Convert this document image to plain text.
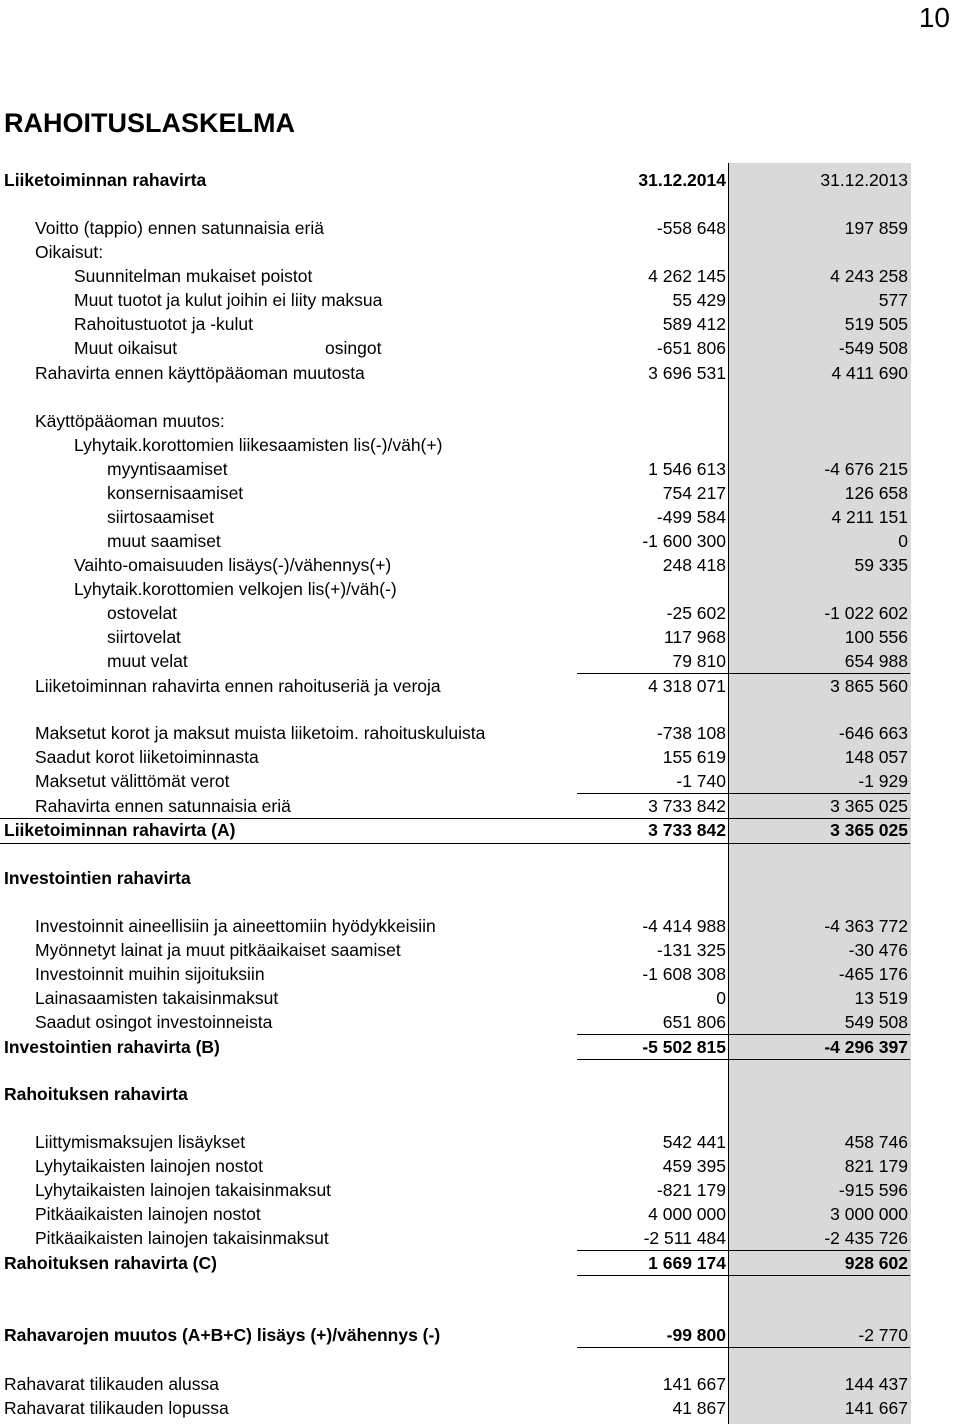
10
RAHOITUSLASKELMA
Liiketoiminnan rahavirta	31.12.2014	31.12.2013
Voitto (tappio) ennen satunnaisia eriä	-558 648	197 859
Oikaisut:
Suunnitelman mukaiset poistot	4 262 145	4 243 258
Muut tuotot ja kulut joihin ei liity maksua	55 429	577
Rahoitustuotot ja -kulut	589 412	519 505
Muut oikaisut	osingot	-651 806	-549 508
Rahavirta ennen käyttöpääoman muutosta	3 696 531	4 411 690
Käyttöpääoman muutos:
Lyhytaik.korottomien liikesaamisten lis(-)/väh(+)
myyntisaamiset	1 546 613	-4 676 215
konsernisaamiset	754 217	126 658
siirtosaamiset	-499 584	4 211 151
muut saamiset	-1 600 300	0
Vaihto-omaisuuden lisäys(-)/vähennys(+)	248 418	59 335
Lyhytaik.korottomien velkojen lis(+)/väh(-)
ostovelat	-25 602	-1 022 602
siirtovelat	117 968	100 556
muut velat	79 810	654 988
Liiketoiminnan rahavirta ennen rahoituseriä ja veroja	4 318 071	3 865 560
Maksetut korot ja maksut muista liiketoim. rahoituskuluista	-738 108	-646 663
Saadut korot liiketoiminnasta	155 619	148 057
Maksetut välittömät verot	-1 740	-1 929
Rahavirta ennen satunnaisia eriä	3 733 842	3 365 025
Liiketoiminnan rahavirta (A)	3 733 842	3 365 025
Investointien rahavirta
Investoinnit aineellisiin ja aineettomiin hyödykkeisiin	-4 414 988	-4 363 772
Myönnetyt lainat ja muut pitkäaikaiset saamiset	-131 325	-30 476
Investoinnit muihin sijoituksiin	-1 608 308	-465 176
Lainasaamisten takaisinmaksut	0	13 519
Saadut osingot investoinneista	651 806	549 508
Investointien rahavirta (B)	-5 502 815	-4 296 397
Rahoituksen rahavirta
Liittymismaksujen lisäykset	542 441	458 746
Lyhytaikaisten lainojen nostot	459 395	821 179
Lyhytaikaisten lainojen takaisinmaksut	-821 179	-915 596
Pitkäaikaisten lainojen nostot	4 000 000	3 000 000
Pitkäaikaisten lainojen takaisinmaksut	-2 511 484	-2 435 726
Rahoituksen rahavirta (C)	1 669 174	928 602
Rahavarojen muutos (A+B+C) lisäys (+)/vähennys (-)	-99 800	-2 770
Rahavarat tilikauden alussa	141 667	144 437
Rahavarat tilikauden lopussa	41 867	141 667
